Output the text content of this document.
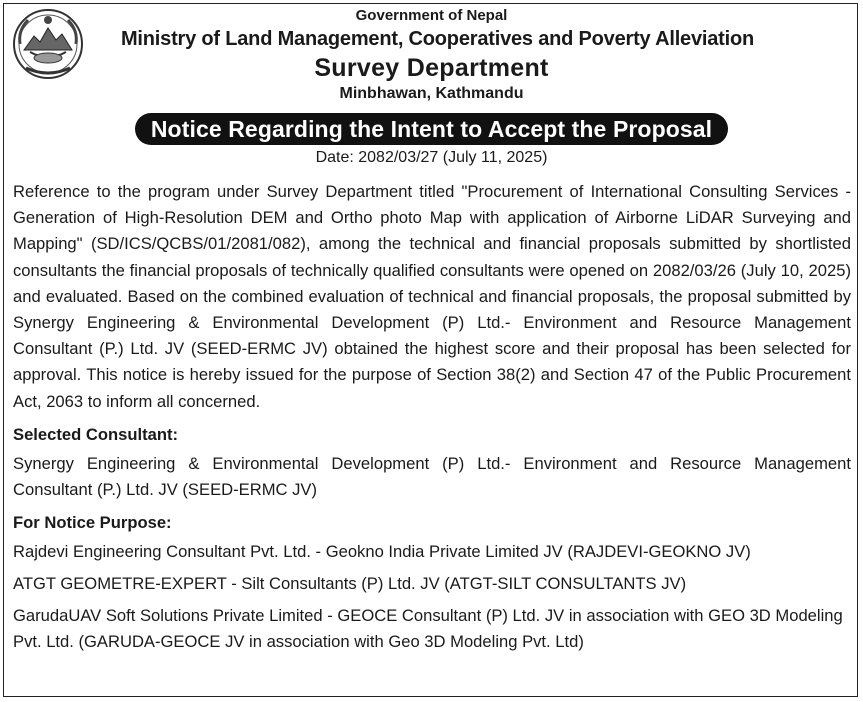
Government of Nepal
Ministry of Land Management, Cooperatives and Poverty Alleviation
Survey Department
Minbhawan, Kathmandu
Notice Regarding the Intent to Accept the Proposal
Date: 2082/03/27 (July 11, 2025)

Reference to the program under Survey Department titled "Procurement of International Consulting Services -Generation of High-Resolution DEM and Ortho photo Map with application of Airborne LiDAR Surveying and Mapping" (SD/ICS/QCBS/01/2081/082), among the technical and financial proposals submitted by shortlisted consultants the financial proposals of technically qualified consultants were opened on 2082/03/26 (July 10, 2025) and evaluated. Based on the combined evaluation of technical and financial proposals, the proposal submitted by Synergy Engineering & Environmental Development (P) Ltd.- Environment and Resource Management Consultant (P.) Ltd. JV (SEED-ERMC JV) obtained the highest score and their proposal has been selected for approval. This notice is hereby issued for the purpose of Section 38(2) and Section 47 of the Public Procurement Act, 2063 to inform all concerned.

Selected Consultant:

Synergy Engineering & Environmental Development (P) Ltd.- Environment and Resource Management Consultant (P.) Ltd. JV (SEED-ERMC JV)

For Notice Purpose:
Rajdevi Engineering Consultant Pvt. Ltd. - Geokno India Private Limited JV (RAJDEVI-GEOKNO JV)
ATGT GEOMETRE-EXPERT - Silt Consultants (P) Ltd. JV (ATGT-SILT CONSULTANTS JV)
GarudaUAV Soft Solutions Private Limited - GEOCE Consultant (P) Ltd. JV in association with GEO 3D Modeling Pvt. Ltd. (GARUDA-GEOCE JV in association with Geo 3D Modeling Pvt. Ltd)
